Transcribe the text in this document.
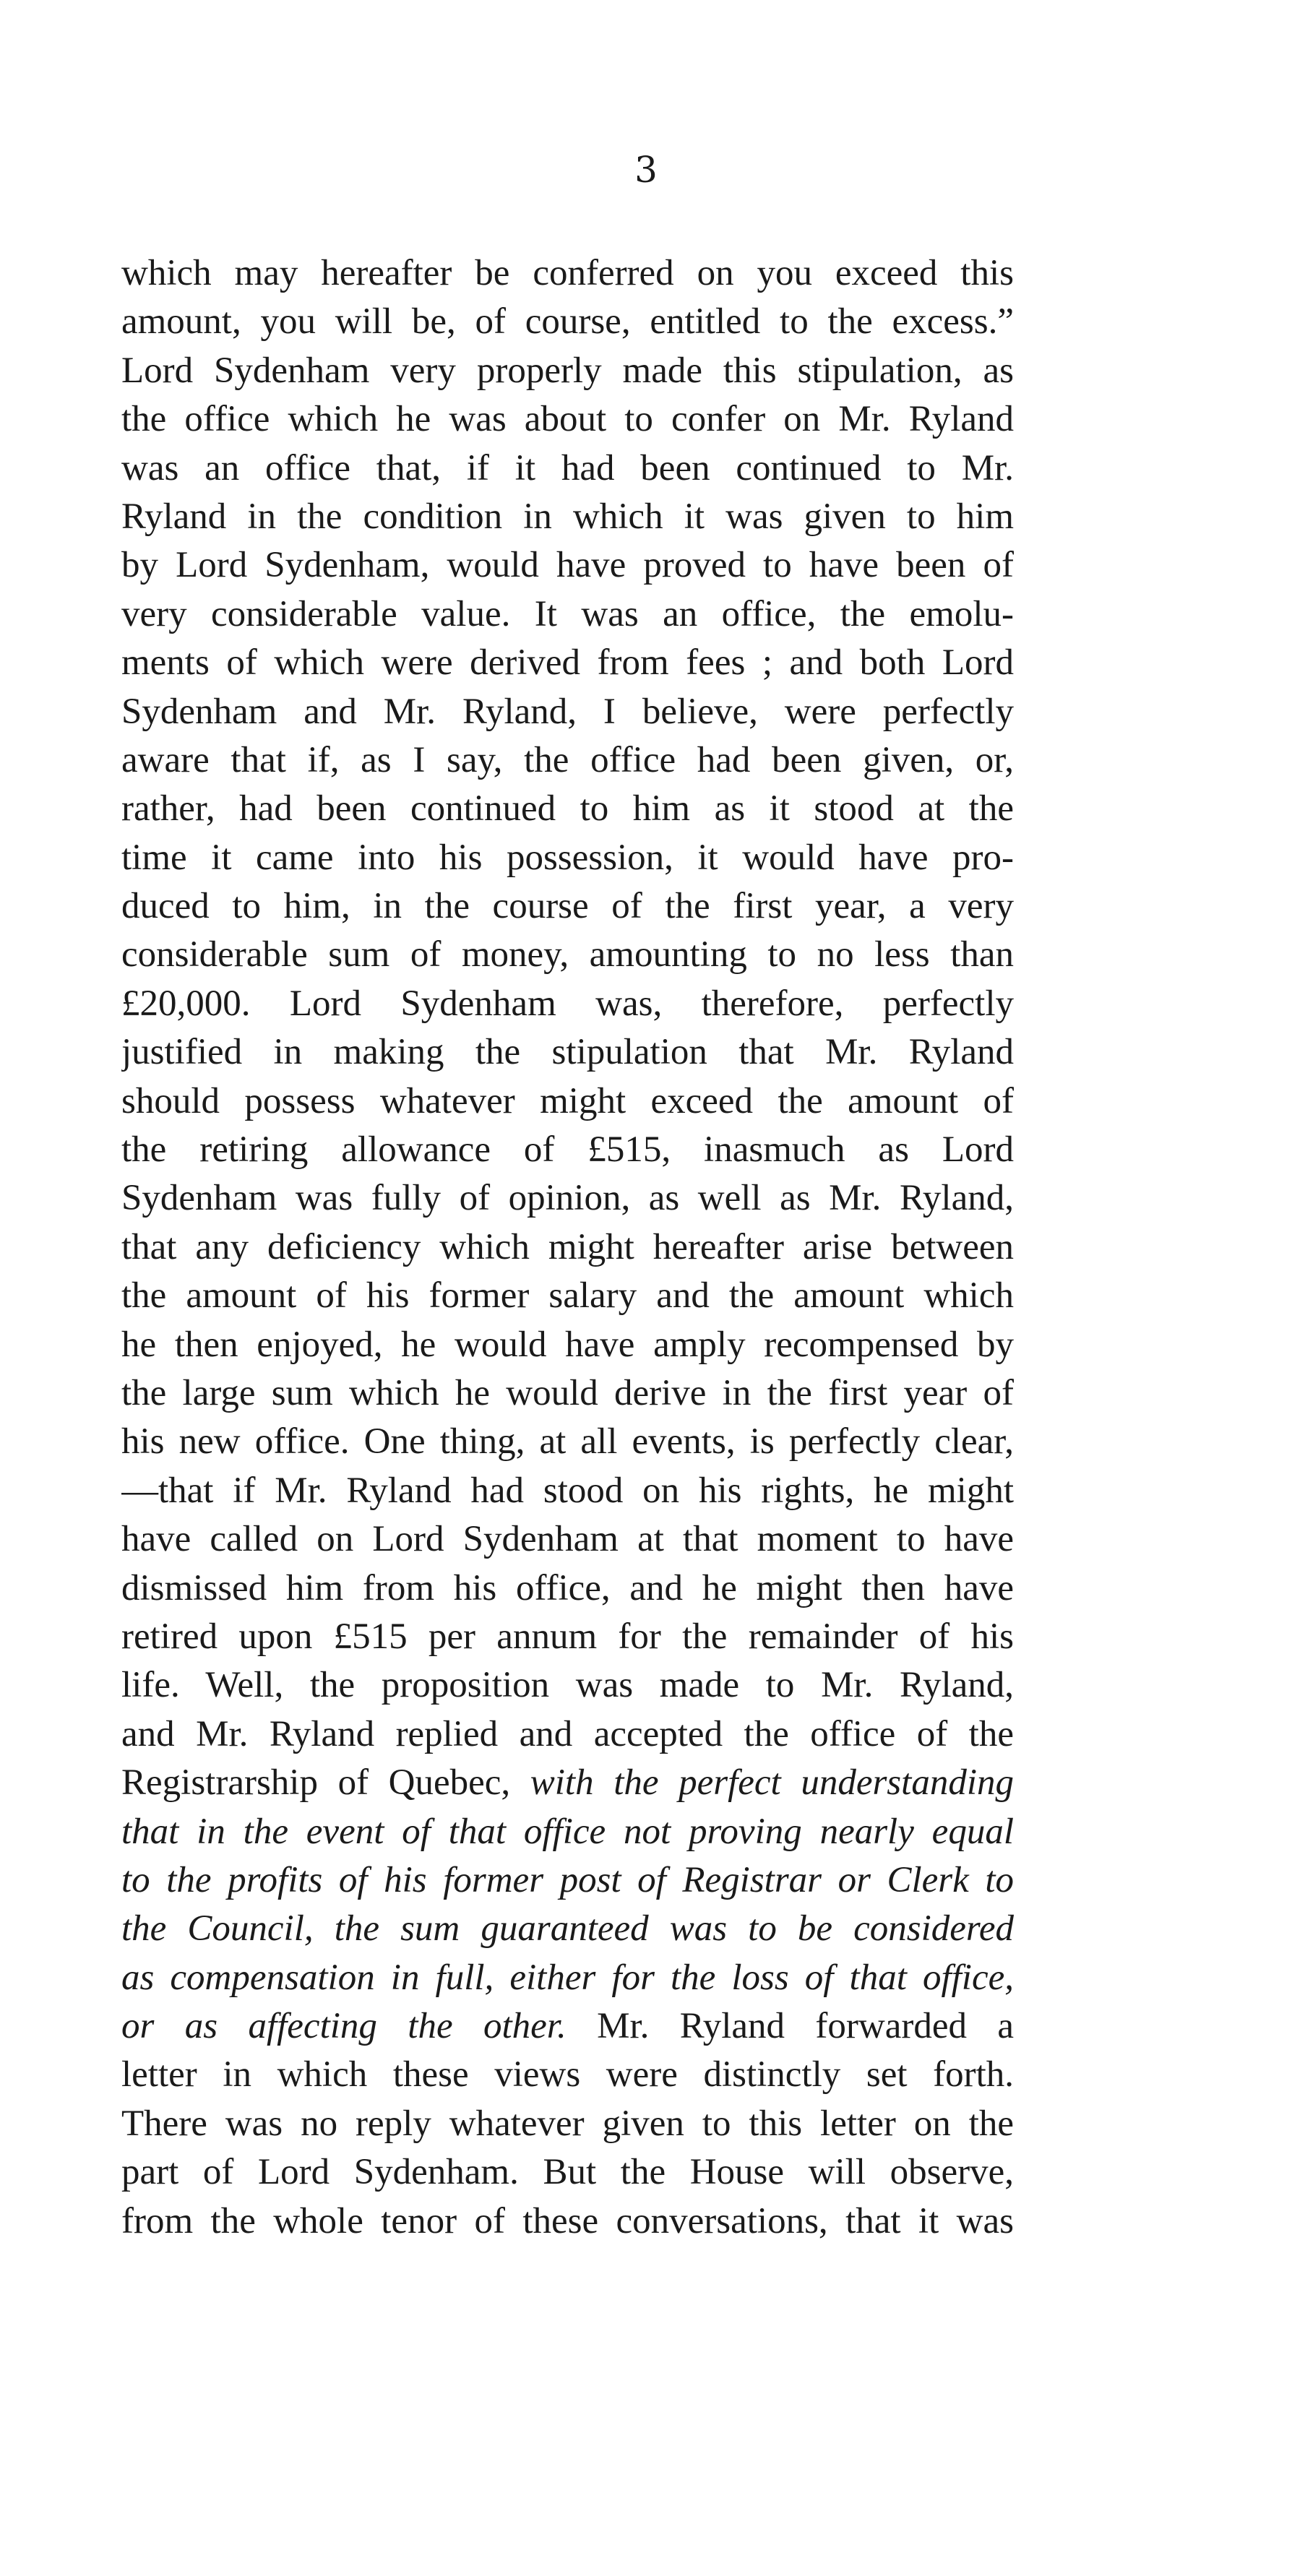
3
which may hereafter be conferred on you exceed this
amount, you will be, of course, entitled to the excess.”
Lord Sydenham very properly made this stipulation, as
the office which he was about to confer on Mr. Ryland
was an office that, if it had been continued to Mr.
Ryland in the condition in which it was given to him
by Lord Sydenham, would have proved to have been of
very considerable value. It was an office, the emolu-
ments of which were derived from fees ; and both Lord
Sydenham and Mr. Ryland, I believe, were perfectly
aware that if, as I say, the office had been given, or,
rather, had been continued to him as it stood at the
time it came into his possession, it would have pro-
duced to him, in the course of the first year, a very
considerable sum of money, amounting to no less than
£20,000. Lord Sydenham was, therefore, perfectly
justified in making the stipulation that Mr. Ryland
should possess whatever might exceed the amount of
the retiring allowance of £515, inasmuch as Lord
Sydenham was fully of opinion, as well as Mr. Ryland,
that any deficiency which might hereafter arise between
the amount of his former salary and the amount which
he then enjoyed, he would have amply recompensed by
the large sum which he would derive in the first year of
his new office. One thing, at all events, is perfectly clear,
—that if Mr. Ryland had stood on his rights, he might
have called on Lord Sydenham at that moment to have
dismissed him from his office, and he might then have
retired upon £515 per annum for the remainder of his
life. Well, the proposition was made to Mr. Ryland,
and Mr. Ryland replied and accepted the office of the
Registrarship of Quebec, with the perfect understanding
that in the event of that office not proving nearly equal
to the profits of his former post of Registrar or Clerk to
the Council, the sum guaranteed was to be considered
as compensation in full, either for the loss of that office,
or as affecting the other. Mr. Ryland forwarded a
letter in which these views were distinctly set forth.
There was no reply whatever given to this letter on the
part of Lord Sydenham. But the House will observe,
from the whole tenor of these conversations, that it was
